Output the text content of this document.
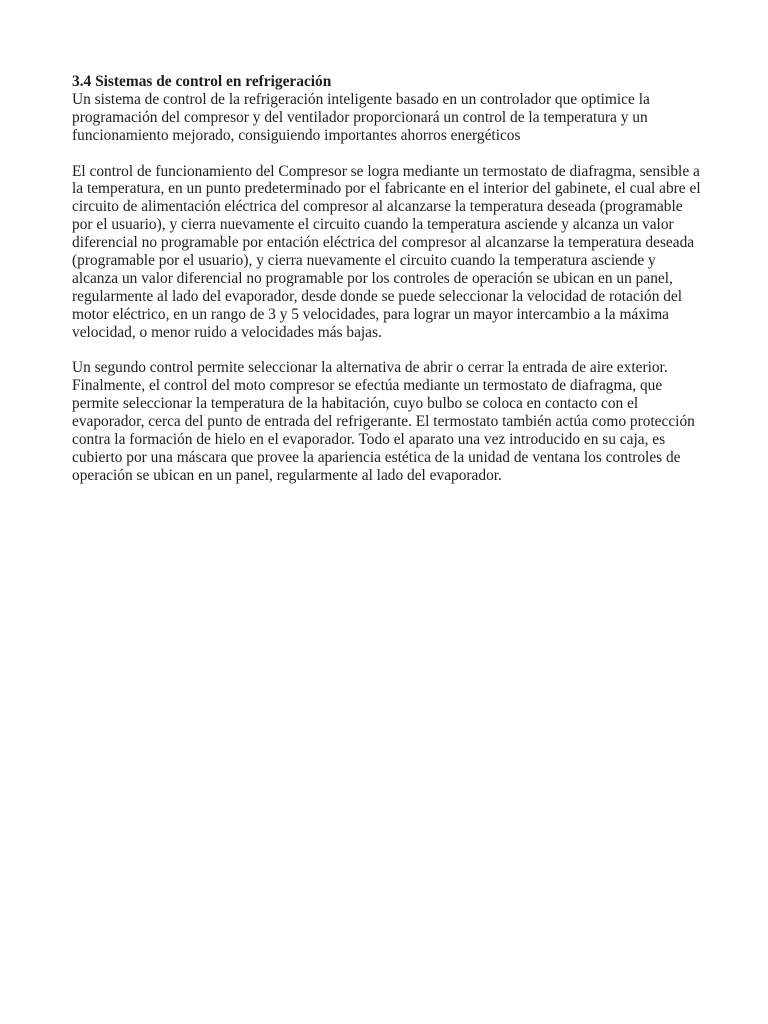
3.4 Sistemas de control en refrigeración

Un sistema de control de la refrigeración inteligente basado en un controlador que optimice la programación del compresor y del ventilador proporcionará un control de la temperatura y un funcionamiento mejorado, consiguiendo importantes ahorros energéticos

El control de funcionamiento del Compresor se logra mediante un termostato de diafragma, sensible a la temperatura, en un punto predeterminado por el fabricante en el interior del gabinete, el cual abre el circuito de alimentación eléctrica del compresor al alcanzarse la temperatura deseada (programable por el usuario), y cierra nuevamente el circuito cuando la temperatura asciende y alcanza un valor diferencial no programable por entación eléctrica del compresor al alcanzarse la temperatura deseada (programable por el usuario), y cierra nuevamente el circuito cuando la temperatura asciende y alcanza un valor diferencial no programable por los controles de operación se ubican en un panel, regularmente al lado del evaporador, desde donde se puede seleccionar la velocidad de rotación del motor eléctrico, en un rango de 3 y 5 velocidades, para lograr un mayor intercambio a la máxima velocidad, o menor ruido a velocidades más bajas.

Un segundo control permite seleccionar la alternativa de abrir o cerrar la entrada de aire exterior. Finalmente, el control del moto compresor se efectúa mediante un termostato de diafragma, que permite seleccionar la temperatura de la habitación, cuyo bulbo se coloca en contacto con el evaporador, cerca del punto de entrada del refrigerante. El termostato también actúa como protección contra la formación de hielo en el evaporador. Todo el aparato una vez introducido en su caja, es cubierto por una máscara que provee la apariencia estética de la unidad de ventana los controles de operación se ubican en un panel, regularmente al lado del evaporador.
